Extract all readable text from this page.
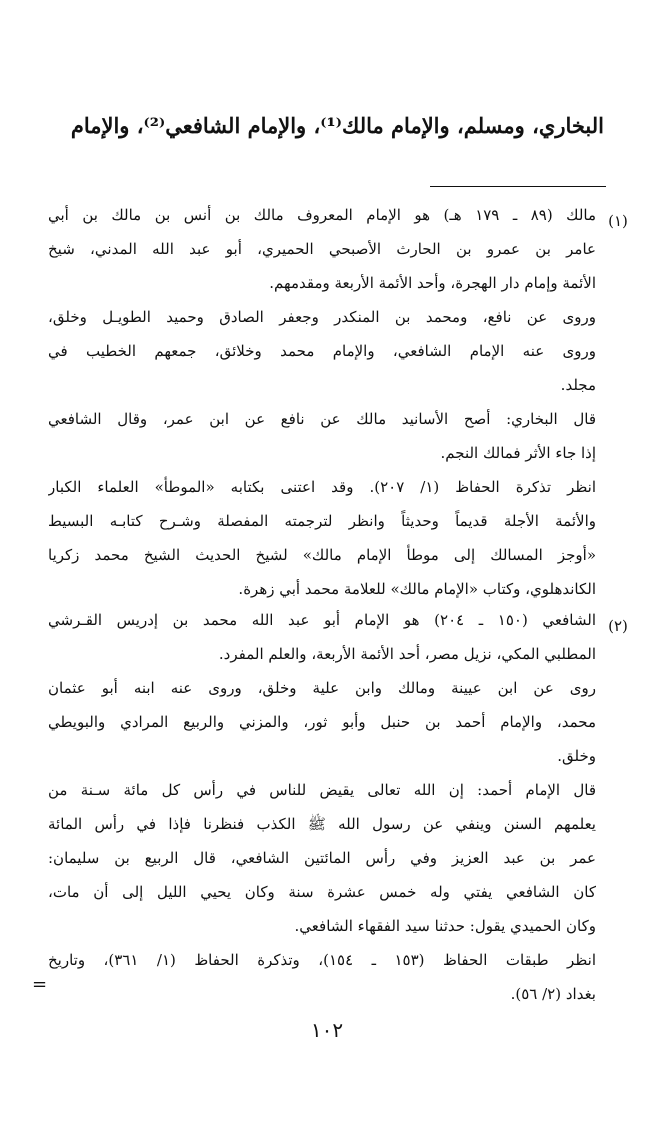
البخاري، ومسلم، والإمام مالك⁽¹⁾، والإمام الشافعي⁽²⁾، والإمام
(١)
مالك (٨٩ ـ ١٧٩ هـ) هو الإمام المعروف مالك بن أنس بن مالك بن أبي
عامر بن عمرو بن الحارث الأصبحي الحميري، أبو عبد الله المدني، شيخ
الأئمة وإمام دار الهجرة، وأحد الأئمة الأربعة ومقدمهم.
وروى عن نافع، ومحمد بن المنكدر وجعفر الصادق وحميد الطويـل وخلق،
وروى عنه الإمام الشافعي، والإمام محمد وخلائق، جمعهم الخطيب في
مجلد.
قال البخاري: أصح الأسانيد مالك عن نافع عن ابن عمر، وقال الشافعي
إذا جاء الأثر فمالك النجم.
انظر تذكرة الحفاظ (١/ ٢٠٧). وقد اعتنى بكتابه «الموطأ» العلماء الكبار
والأئمة الأجلة قديماً وحديثاً وانظر لترجمته المفصلة وشـرح كتابـه البسيط
«أوجز المسالك إلى موطأ الإمام مالك» لشيخ الحديث الشيخ محمد زكريا
الكاندهلوي، وكتاب «الإمام مالك» للعلامة محمد أبي زهرة.
(٢)
الشافعي (١٥٠ ـ ٢٠٤) هو الإمام أبو عبد الله محمد بن إدريس القـرشي
المطلبي المكي، نزيل مصر، أحد الأئمة الأربعة، والعلم المفرد.
روى عن ابن عيينة ومالك وابن علية وخلق، وروى عنه ابنه أبو عثمان
محمد، والإمام أحمد بن حنبل وأبو ثور، والمزني والربيع المرادي والبويطي
وخلق.
قال الإمام أحمد: إن الله تعالى يقيض للناس في رأس كل مائة سـنة من
يعلمهم السنن وينفي عن رسول الله ﷺ الكذب فنظرنا فإذا في رأس المائة
عمر بن عبد العزيز وفي رأس المائتين الشافعي، قال الربيع بن سليمان:
كان الشافعي يفتي وله خمس عشرة سنة وكان يحيي الليل إلى أن مات،
وكان الحميدي يقول: حدثنا سيد الفقهاء الشافعي.
انظر طبقات الحفاظ (١٥٣ ـ ١٥٤)، وتذكرة الحفاظ (١/ ٣٦١)، وتاريخ
بغداد (٢/ ٥٦).
=
١٠٢
